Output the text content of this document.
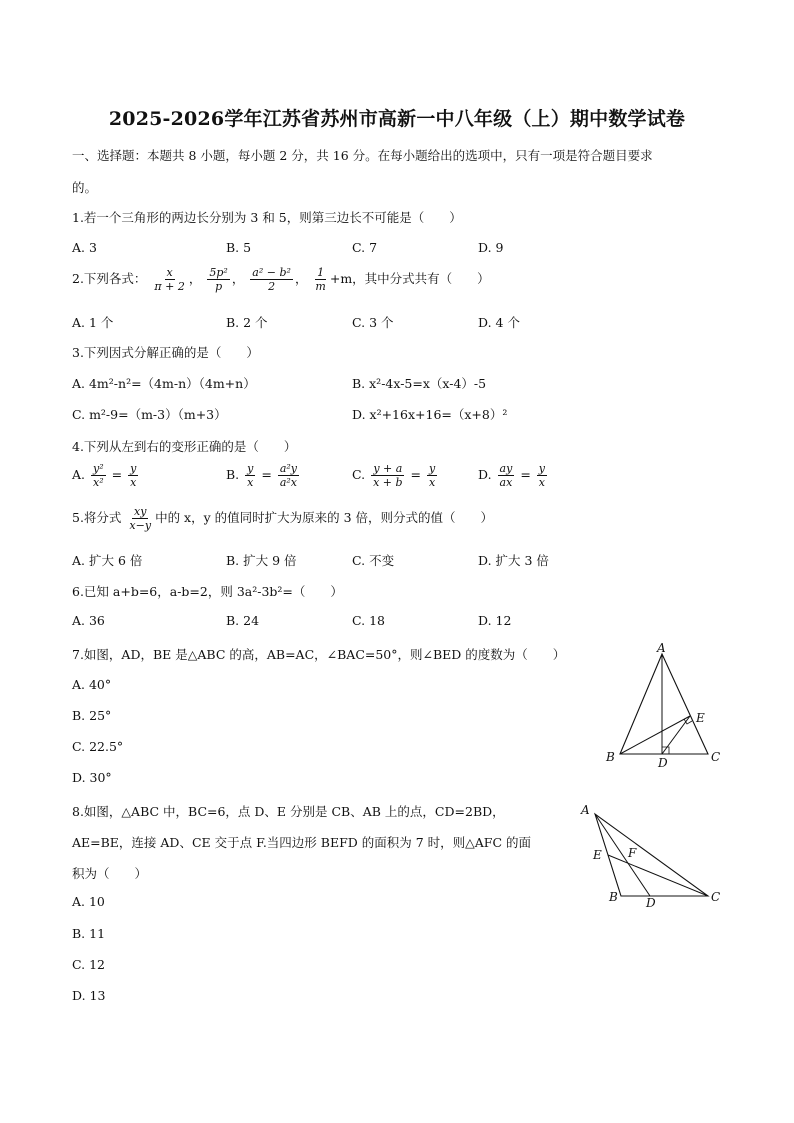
2025-2026学年江苏省苏州市高新一中八年级（上）期中数学试卷
一、选择题：本题共 8 小题，每小题 2 分，共 16 分。在每小题给出的选项中，只有一项是符合题目要求
的。
1.若一个三角形的两边长分别为 3 和 5，则第三边长不可能是（　　）
A. 3	B. 5	C. 7	D. 9
2.下列各式： $\frac{x}{\pi + 2}$ ， $\frac{\text{5p²}}{p}$ ， $\frac{\text{a² − b²}}{2}$ ， $\frac{1}{m} +m$，其中分式共有（　　）
A. 1 个	B. 2 个	C. 3 个	D. 4 个
3.下列因式分解正确的是（　　）
A. 4m²-n²=（4m-n）（4m+n）	B. x²-4x-5=x（x-4）-5
C. m²-9=（m-3）（m+3）	D. x²+16x+16=（x+8）²
4.下列从左到右的变形正确的是（　　）
A. $\frac{\text{y²}}{\text{x²}} = \frac{y}{x}$	B. $\frac{y}{x} = \frac{\text{a²y}}{\text{a²x}}$	C. $\frac{y + a}{x + b} = \frac{y}{x}$	D. $\frac{ay}{ax} = \frac{y}{x}$
5.将分式 $\frac{xy}{x-y}$ 中的 x，y 的值同时扩大为原来的 3 倍，则分式的值（　　）
A. 扩大 6 倍	B. 扩大 9 倍	C. 不变	D. 扩大 3 倍
6.已知 a+b=6，a-b=2，则 3a²-3b²=（　　）
A. 36	B. 24	C. 18	D. 12
7.如图，AD，BE 是△ABC 的高，AB=AC，∠BAC=50°，则∠BED 的度数为（　　）
A. 40°
B. 25°
C. 22.5°
D. 30°
A
B	C
D
E
8.如图，△ABC 中，BC=6，点 D、E 分别是 CB、AB 上的点，CD=2BD，
AE=BE，连接 AD、CE 交于点 F.当四边形 BEFD 的面积为 7 时，则△AFC 的面
积为（　　）
A. 10
B. 11
C. 12
D. 13
A
E F
B D	C
